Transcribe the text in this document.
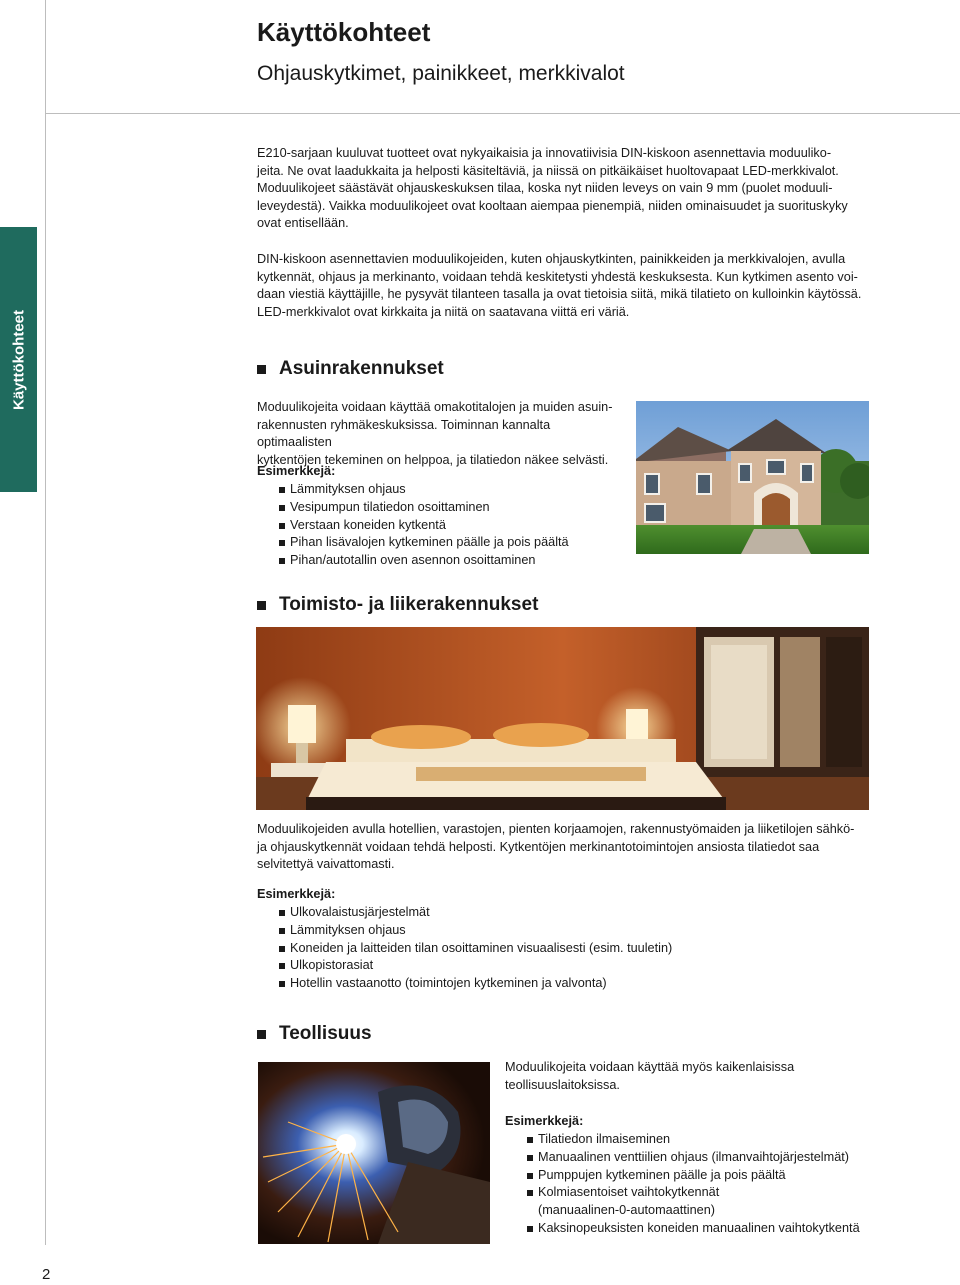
Käyttökohteet
Ohjauskytkimet, painikkeet, merkkivalot
Käyttökohteet
E210-sarjaan kuuluvat tuotteet ovat nykyaikaisia ja innovatiivisia DIN-kiskoon asennettavia moduuliko-
jeita. Ne ovat laadukkaita ja helposti käsiteltäviä, ja niissä on pitkäikäiset huoltovapaat LED-merkkivalot.
Moduulikojeet säästävät ohjauskeskuksen tilaa, koska nyt niiden leveys on vain 9 mm (puolet moduuli-
leveydestä). Vaikka moduulikojeet ovat kooltaan aiempaa pienempiä, niiden ominaisuudet ja suorituskyky
ovat entisellään.
DIN-kiskoon asennettavien moduulikojeiden, kuten ohjauskytkinten, painikkeiden ja merkkivalojen, avulla
kytkennät, ohjaus ja merkinanto, voidaan tehdä keskitetysti yhdestä keskuksesta. Kun kytkimen asento voi-
daan viestiä käyttäjille, he pysyvät tilanteen tasalla ja ovat tietoisia siitä, mikä tilatieto on kulloinkin käytössä.
LED-merkkivalot ovat kirkkaita ja niitä on saatavana viittä eri väriä.
Asuinrakennukset
Moduulikojeita voidaan käyttää omakotitalojen ja muiden asuin-
rakennusten ryhmäkeskuksissa. Toiminnan kannalta optimaalisten
kytkentöjen tekeminen on helppoa, ja tilatiedon näkee selvästi.
Esimerkkejä:
Lämmityksen ohjaus
Vesipumpun tilatiedon osoittaminen
Verstaan koneiden kytkentä
Pihan lisävalojen kytkeminen päälle ja pois päältä
Pihan/autotallin oven asennon osoittaminen
Toimisto- ja liikerakennukset
Moduulikojeiden avulla hotellien, varastojen, pienten korjaamojen, rakennustyömaiden ja liiketilojen sähkö-
ja ohjauskytkennät voidaan tehdä helposti. Kytkentöjen merkinantotoimintojen ansiosta tilatiedot saa
selvitettyä vaivattomasti.
Esimerkkejä:
Ulkovalaistusjärjestelmät
Lämmityksen ohjaus
Koneiden ja laitteiden tilan osoittaminen visuaalisesti (esim. tuuletin)
Ulkopistorasiat
Hotellin vastaanotto (toimintojen kytkeminen ja valvonta)
Teollisuus
Moduulikojeita voidaan käyttää myös kaikenlaisissa
teollisuuslaitoksissa.
Esimerkkejä:
Tilatiedon ilmaiseminen
Manuaalinen venttiilien ohjaus (ilmanvaihtojärjestelmät)
Pumppujen kytkeminen päälle ja pois päältä
Kolmiasentoiset vaihtokytkennät
(manuaalinen-0-automaattinen)
Kaksinopeuksisten koneiden manuaalinen vaihtokytkentä
2
